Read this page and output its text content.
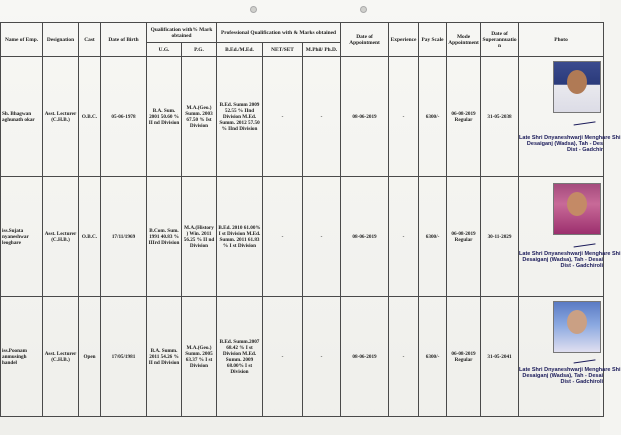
Name of Emp.	Designation	Cast	Date of Birth	Qualification with% Mark obtained		Professional Qualification with & Marks obtained			Date of Appointment	Experience	Pay Scale	Mode Appointment	Date of Superannuation	Photo
				U.G.	P.G.	B.Ed./M.Ed.	NET/SET	M.Phil/ Ph.D.						
Sh. Bhagwan aghunath okar	Asst. Lecturer (C.H.B.)	O.B.C.	05-06-1978	B.A. Sum. 2001 50.60 % II nd Division	M.A.(Geo.) Summ. 2003 67.50 % Ist Division	B.Ed. Summ 2009 52.55 % IInd Division M.Ed. Summ. 2012 57.50 % IInd Division	-	-	08-06-2019	-	6300/-	06-08-2019 Regular	31-05-2038	Late Shri Dnyaneshwarji Menghare Shi
Desaiganj (Wadsa), Tah - Des
Dist - Gadchir

iss.Sujata nyaneshwar leoghare	Asst. Lecturer (C.H.B.)	O.B.C.	17/11/1969	B.Com. Sum. 1991 40.83 % IIIrd Division	M.A.(History ) Win. 2011 56.25 % II nd Division	B.Ed. 2010 61.00% I st Division M.Ed. Summ. 2011 61.83 % I st Division	-	-	08-06-2019	-	6300/-	06-08-2019 Regular	30-11-2029	Late Shri Dnyaneshwarji Menghare Shi
Desaiganj (Wadsa), Tah - Desai
Dist - Gadchiroli

iss.Poonam anmusingh handel	Asst. Lecturer (C.H.B.)	Open	17/05/1981	B.A. Summ. 2011 54.26 % II nd Division	M.A.(Geo.) Summ. 2005 63.37 % I st Division	B.Ed. Summ.2007 68.42 % I st Division M.Ed. Summ. 2009 68.00% I st Division	-	-	08-06-2019	-	6300/-	06-08-2019 Regular	31-05-2041	Late Shri Dnyaneshwarji Menghare Shi
Desaiganj (Wadsa), Tah - Desai
Dist - Gadchiroli
